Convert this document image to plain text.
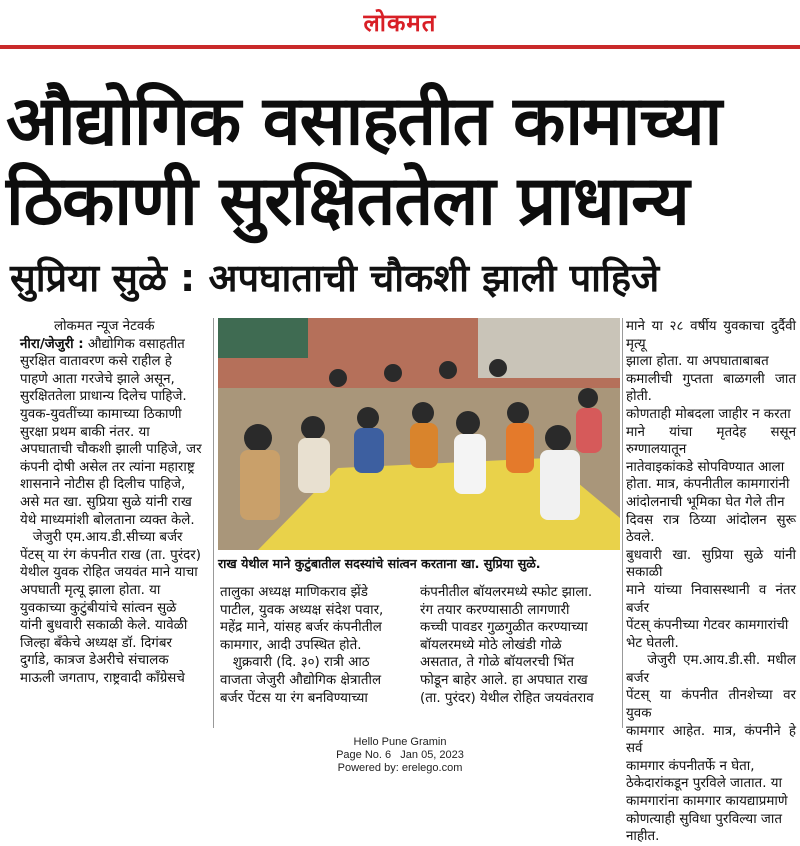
लोकमत
औद्योगिक वसाहतीत कामाच्या
ठिकाणी सुरक्षिततेला प्राधान्य
सुप्रिया सुळे : अपघाताची चौकशी झाली पाहिजे

लोकमत न्यूज नेटवर्क

नीरा/जेजुरी : औद्योगिक वसाहतीत
सुरक्षित वातावरण कसे राहील हे
पाहणे आता गरजेचे झाले असून,
सुरक्षिततेला प्राधान्य दिलेच पाहिजे.
युवक-युवतींच्या कामाच्या ठिकाणी
सुरक्षा प्रथम बाकी नंतर. या
अपघाताची चौकशी झाली पाहिजे, जर
कंपनी दोषी असेल तर त्यांना महाराष्ट्र
शासनाने नोटीस ही दिलीच पाहिजे,
असे मत खा. सुप्रिया सुळे यांनी राख
येथे माध्यमांशी बोलताना व्यक्त केले.
जेजुरी एम.आय.डी.सीच्या बर्जर
पेंटस् या रंग कंपनीत राख (ता. पुरंदर)
येथील युवक रोहित जयवंत माने याचा
अपघाती मृत्यू झाला होता. या
युवकाच्या कुटुंबीयांचे सांत्वन सुळे
यांनी बुधवारी सकाळी केले. यावेळी
जिल्हा बँकेचे अध्यक्ष डॉ. दिगंबर
दुर्गाडे, कात्रज डेअरीचे संचालक
माऊली जगताप, राष्ट्रवादी काँग्रेसचे

राख येथील माने कुटुंबातील सदस्यांचे सांत्वन करताना खा. सुप्रिया सुळे.

तालुका अध्यक्ष माणिकराव झेंडे
पाटील, युवक अध्यक्ष संदेश पवार,
महेंद्र माने, यांसह बर्जर कंपनीतील
कामगार, आदी उपस्थित होते.
शुक्रवारी (दि. ३०) रात्री आठ
वाजता जेजुरी औद्योगिक क्षेत्रातील
बर्जर पेंटस या रंग बनविण्याच्या

कंपनीतील बॉयलरमध्ये स्फोट झाला.
रंग तयार करण्यासाठी लागणारी
कच्ची पावडर गुळगुळीत करण्याच्या
बॉयलरमध्ये मोठे लोखंडी गोळे
असतात, ते गोळे बॉयलरची भिंत
फोडून बाहेर आले. हा अपघात राख
(ता. पुरंदर) येथील रोहित जयवंतराव

माने या २८ वर्षीय युवकाचा दुर्दैवी मृत्यू
झाला होता. या अपघाताबाबत
कमालीची गुप्तता बाळगली जात होती.
कोणताही मोबदला जाहीर न करता
माने यांचा मृतदेह ससून रुग्णालयातून
नातेवाइकांकडे सोपविण्यात आला
होता. मात्र, कंपनीतील कामगारांनी
आंदोलनाची भूमिका घेत गेले तीन
दिवस रात्र ठिय्या आंदोलन सुरू ठेवले.
बुधवारी खा. सुप्रिया सुळे यांनी सकाळी
माने यांच्या निवासस्थानी व नंतर बर्जर
पेंटस् कंपनीच्या गेटवर कामगारांची
भेट घेतली.
जेजुरी एम.आय.डी.सी. मधील बर्जर
पेंटस् या कंपनीत तीनशेच्या वर युवक
कामगार आहेत. मात्र, कंपनीने हे सर्व
कामगार कंपनीतर्फे न घेता,
ठेकेदारांकडून पुरविले जातात. या
कामगारांना कामगार कायद्याप्रमाणे
कोणत्याही सुविधा पुरविल्या जात
नाहीत.

Hello Pune Gramin
Page No. 6   Jan 05, 2023
Powered by: erelego.com
